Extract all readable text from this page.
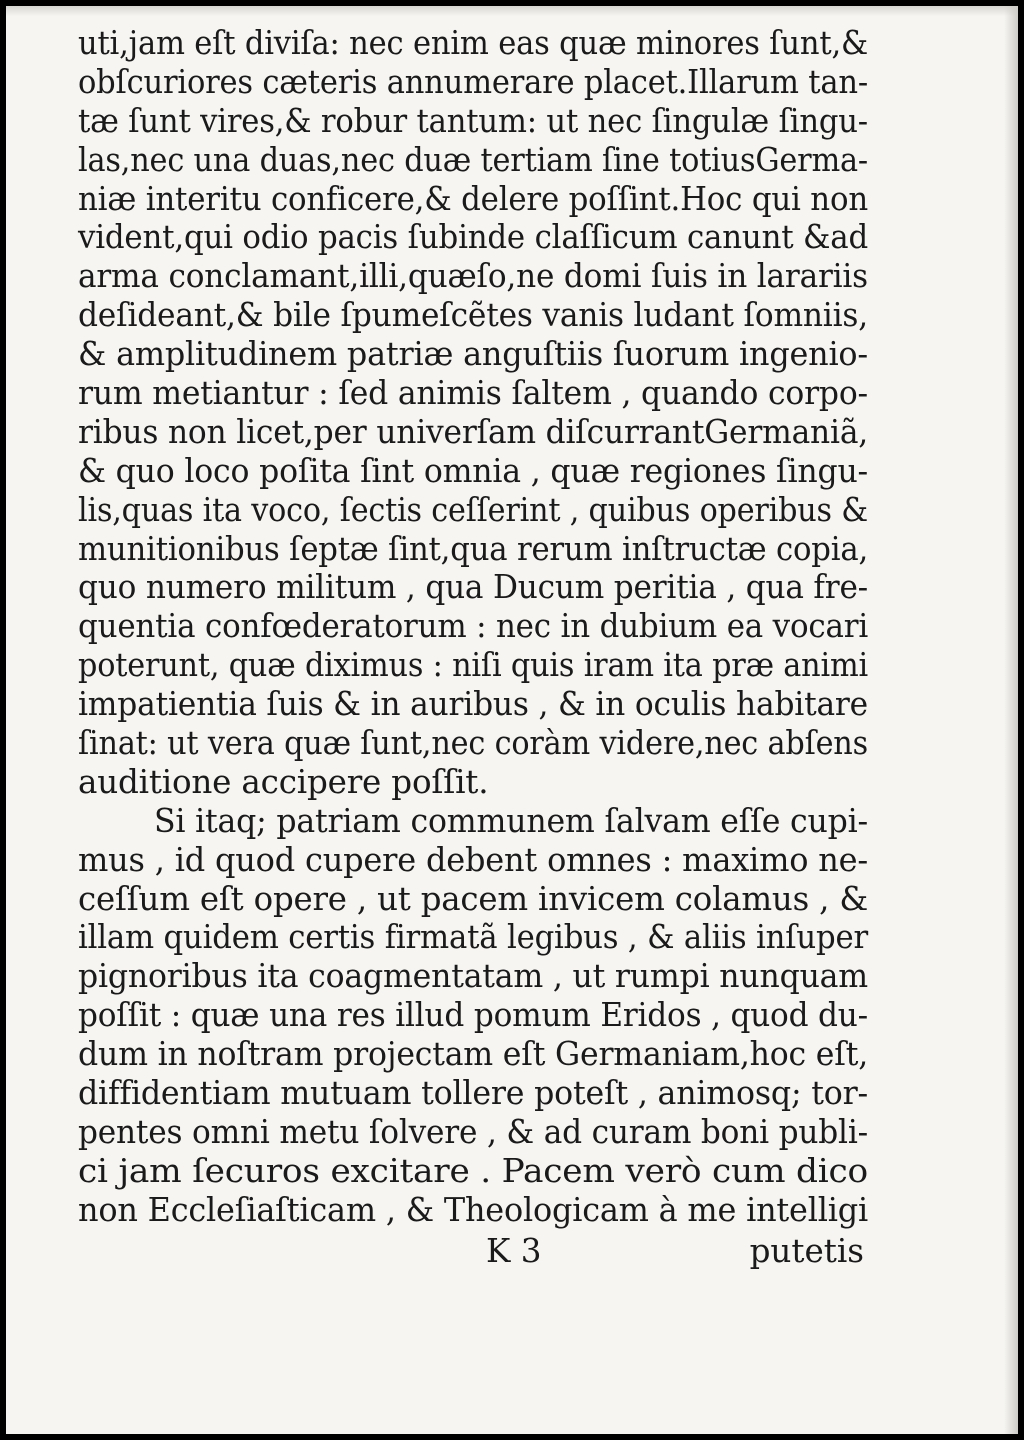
uti,jam eſt diviſa: nec enim eas quæ minores ſunt,&
obſcuriores cæteris annumerare placet.Illarum tan-
tæ ſunt vires,& robur tantum: ut nec ſingulæ ſingu-
las,nec una duas,nec duæ tertiam ſine totiusGerma-
niæ interitu conficere,& delere poſſint.Hoc qui non
vident,qui odio pacis ſubinde claſſicum canunt &ad
arma conclamant,illi,quæſo,ne domi ſuis in larariis
deſideant,& bile ſpumeſcẽtes vanis ludant ſomniis,
& amplitudinem patriæ anguſtiis ſuorum ingenio-
rum metiantur : ſed animis ſaltem , quando corpo-
ribus non licet,per univerſam diſcurrantGermaniã,
& quo loco poſita ſint omnia , quæ regiones ſingu-
lis,quas ita voco, ſectis ceſſerint , quibus operibus &
munitionibus ſeptæ ſint,qua rerum inſtructæ copia,
quo numero militum , qua Ducum peritia , qua fre-
quentia confœderatorum : nec in dubium ea vocari
poterunt, quæ diximus : niſi quis iram ita præ animi
impatientia ſuis & in auribus , & in oculis habitare
ſinat: ut vera quæ ſunt,nec coràm videre,nec abſens
auditione accipere poſſit.
Si itaq; patriam communem ſalvam eſſe cupi-
mus , id quod cupere debent omnes : maximo ne-
ceſſum eſt opere , ut pacem invicem colamus , &
illam quidem certis firmatã legibus , & aliis inſuper
pignoribus ita coagmentatam , ut rumpi nunquam
poſſit : quæ una res illud pomum Eridos , quod du-
dum in noſtram projectam eſt Germaniam,hoc eſt,
diffidentiam mutuam tollere poteſt , animosq; tor-
pentes omni metu ſolvere , & ad curam boni publi-
ci jam ſecuros excitare . Pacem verò cum dico
non Eccleſiaſticam , & Theologicam à me intelligi
K 3	putetis
